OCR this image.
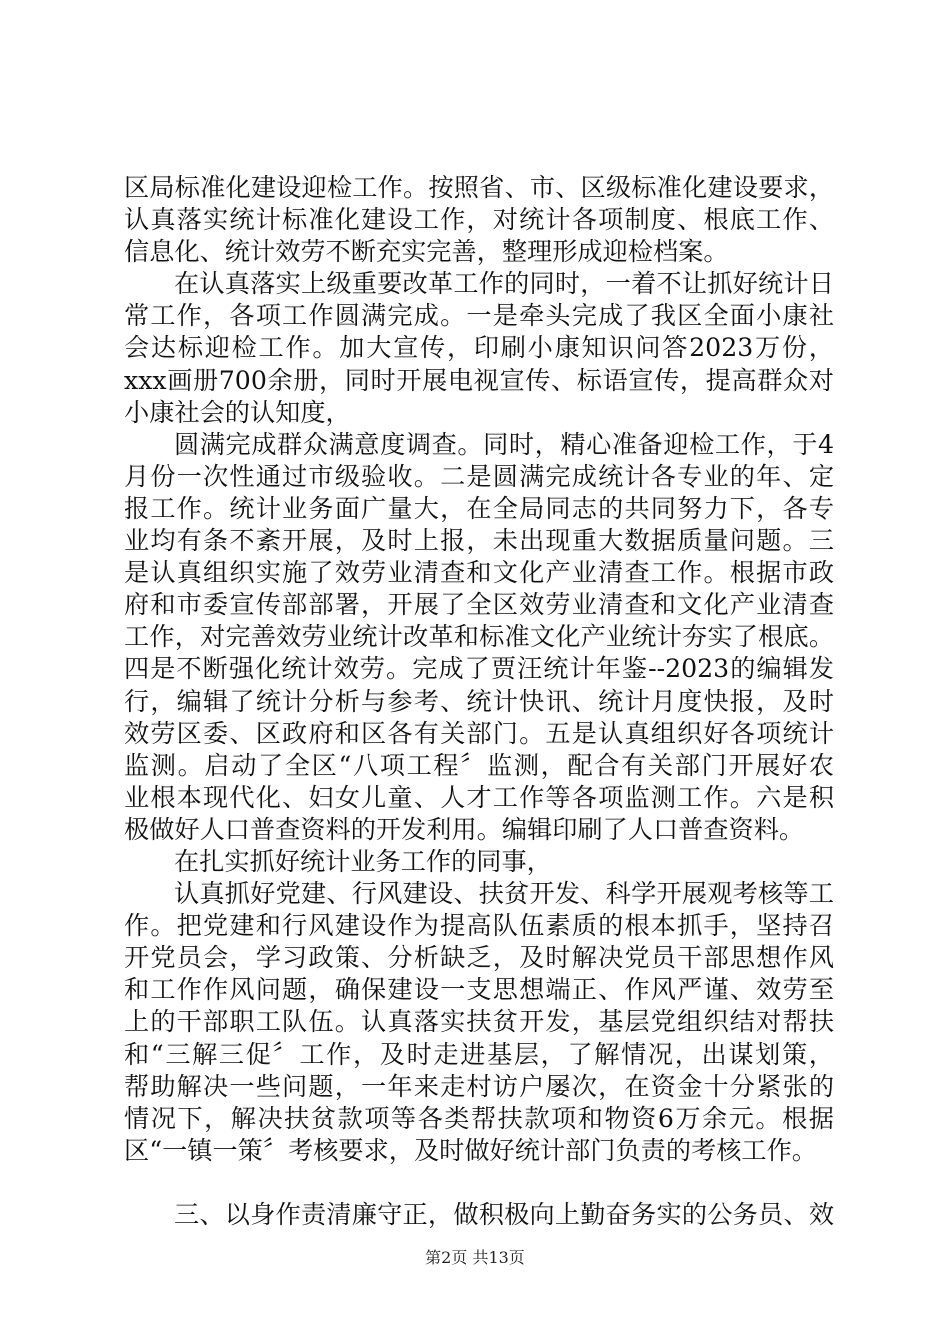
区局标准化建设迎检工作。按照省、市、区级标准化建设要求，
认真落实统计标准化建设工作，对统计各项制度、根底工作、
信息化、统计效劳不断充实完善，整理形成迎检档案。
在认真落实上级重要改革工作的同时，一着不让抓好统计日
常工作，各项工作圆满完成。一是牵头完成了我区全面小康社
会达标迎检工作。加大宣传，印刷小康知识问答2023万份，
xxx画册700余册，同时开展电视宣传、标语宣传，提高群众对
小康社会的认知度，
圆满完成群众满意度调查。同时，精心准备迎检工作，于4
月份一次性通过市级验收。二是圆满完成统计各专业的年、定
报工作。统计业务面广量大，在全局同志的共同努力下，各专
业均有条不紊开展，及时上报，未出现重大数据质量问题。三
是认真组织实施了效劳业清查和文化产业清查工作。根据市政
府和市委宣传部部署，开展了全区效劳业清查和文化产业清查
工作，对完善效劳业统计改革和标准文化产业统计夯实了根底。
四是不断强化统计效劳。完成了贾汪统计年鉴--2023的编辑发
行，编辑了统计分析与参考、统计快讯、统计月度快报，及时
效劳区委、区政府和区各有关部门。五是认真组织好各项统计
监测。启动了全区“八项工程〞监测，配合有关部门开展好农
业根本现代化、妇女儿童、人才工作等各项监测工作。六是积
极做好人口普查资料的开发利用。编辑印刷了人口普查资料。
在扎实抓好统计业务工作的同事，
认真抓好党建、行风建设、扶贫开发、科学开展观考核等工
作。把党建和行风建设作为提高队伍素质的根本抓手，坚持召
开党员会，学习政策、分析缺乏，及时解决党员干部思想作风
和工作作风问题，确保建设一支思想端正、作风严谨、效劳至
上的干部职工队伍。认真落实扶贫开发，基层党组织结对帮扶
和“三解三促〞工作，及时走进基层，了解情况，出谋划策，
帮助解决一些问题，一年来走村访户屡次，在资金十分紧张的
情况下，解决扶贫款项等各类帮扶款项和物资6万余元。根据
区“一镇一策〞考核要求，及时做好统计部门负责的考核工作。
三、以身作责清廉守正，做积极向上勤奋务实的公务员、效
第2页 共13页
